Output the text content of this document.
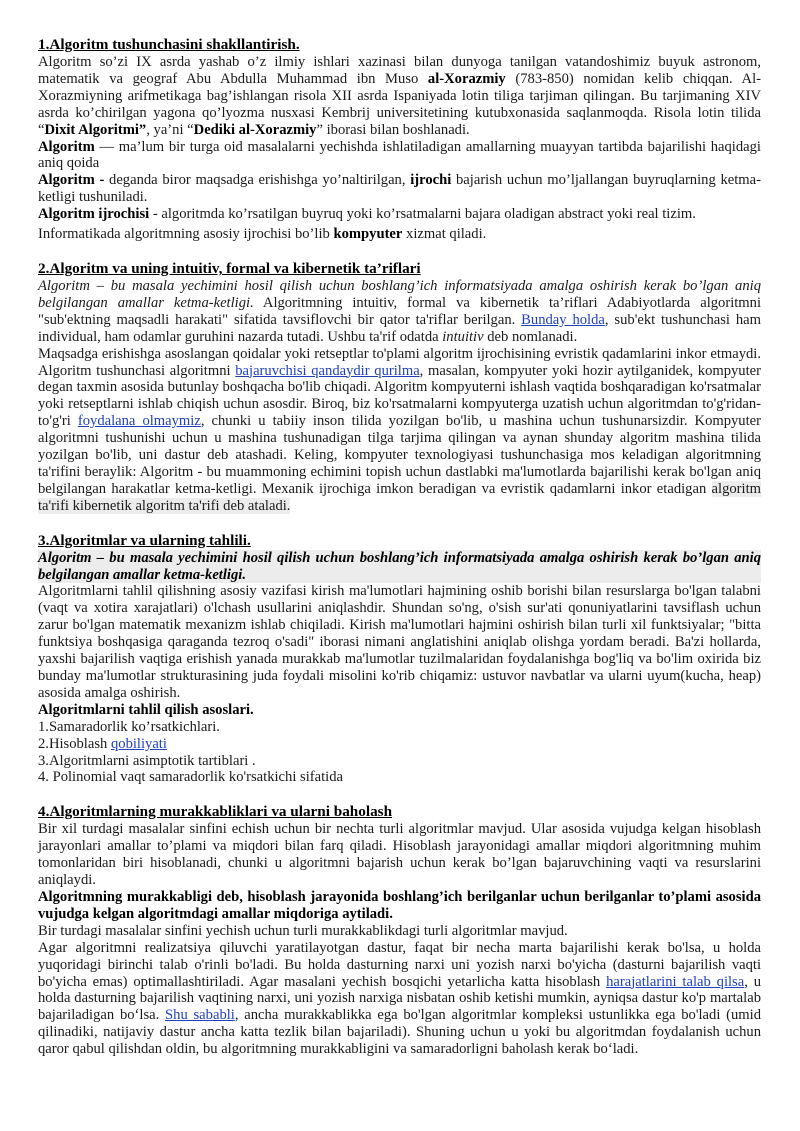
1.Algoritm tushunchasini shakllantirish.

Algoritm so’zi IX asrda yashab o’z ilmiy ishlari xazinasi bilan dunyoga tanilgan vatandoshimiz buyuk astronom, matematik va geograf Abu Abdulla Muhammad ibn Muso al-Xorazmiy (783-850) nomidan kelib chiqqan. Al-Xorazmiyning arifmetikaga bag’ishlangan risola XII asrda Ispaniyada lotin tiliga tarjiman qilingan. Bu tarjimaning XIV asrda ko’chirilgan yagona qo’lyozma nusxasi Kembrij universitetining kutubxonasida saqlanmoqda. Risola lotin tilida “Dixit Algoritmi”, ya’ni “Dediki al-Xorazmiy” iborasi bilan boshlanadi.

Algoritm — ma’lum bir turga oid masalalarni yechishda ishlatiladigan amallarning muayyan tartibda bajarilishi haqidagi aniq qoida

Algoritm - deganda biror maqsadga erishishga yo’naltirilgan, ijrochi bajarish uchun mo’ljallangan buyruqlarning ketma-ketligi tushuniladi.

Algoritm ijrochisi - algoritmda ko’rsatilgan buyruq yoki ko’rsatmalarni bajara oladigan abstract yoki real tizim.

Informatikada algoritmning asosiy ijrochisi bo’lib kompyuter xizmat qiladi.

2.Algoritm va uning intuitiv, formal va kibernetik ta’riflari

Algoritm – bu masala yechimini hosil qilish uchun boshlang’ich informatsiyada amalga oshirish kerak bo’lgan aniq belgilangan amallar ketma-ketligi. Algoritmning intuitiv, formal va kibernetik ta’riflari Adabiyotlarda algoritmni "sub'ektning maqsadli harakati" sifatida tavsiflovchi bir qator ta'riflar berilgan. Bunday holda, sub'ekt tushunchasi ham individual, ham odamlar guruhini nazarda tutadi. Ushbu ta'rif odatda intuitiv deb nomlanadi.

Maqsadga erishishga asoslangan qoidalar yoki retseptlar to'plami algoritm ijrochisining evristik qadamlarini inkor etmaydi. Algoritm tushunchasi algoritmni bajaruvchisi qandaydir qurilma, masalan, kompyuter yoki hozir aytilganidek, kompyuter degan taxmin asosida butunlay boshqacha bo'lib chiqadi. Algoritm kompyuterni ishlash vaqtida boshqaradigan ko'rsatmalar yoki retseptlarni ishlab chiqish uchun asosdir. Biroq, biz ko'rsatmalarni kompyuterga uzatish uchun algoritmdan to'g'ridan-to'g'ri foydalana olmaymiz, chunki u tabiiy inson tilida yozilgan bo'lib, u mashina uchun tushunarsizdir. Kompyuter algoritmni tushunishi uchun u mashina tushunadigan tilga tarjima qilingan va aynan shunday algoritm mashina tilida yozilgan bo'lib, uni dastur deb atashadi. Keling, kompyuter texnologiyasi tushunchasiga mos keladigan algoritmning ta'rifini beraylik: Algoritm - bu muammoning echimini topish uchun dastlabki ma'lumotlarda bajarilishi kerak bo'lgan aniq belgilangan harakatlar ketma-ketligi. Mexanik ijrochiga imkon beradigan va evristik qadamlarni inkor etadigan algoritm ta'rifi kibernetik algoritm ta'rifi deb ataladi.

3.Algoritmlar va ularning tahlili.

Algoritm – bu masala yechimini hosil qilish uchun boshlang’ich informatsiyada amalga oshirish kerak bo’lgan aniq belgilangan amallar ketma-ketligi.

Algoritmlarni tahlil qilishning asosiy vazifasi kirish ma'lumotlari hajmining oshib borishi bilan resurslarga bo'lgan talabni (vaqt va xotira xarajatlari) o'lchash usullarini aniqlashdir. Shundan so'ng, o'sish sur'ati qonuniyatlarini tavsiflash uchun zarur bo'lgan matematik mexanizm ishlab chiqiladi. Kirish ma'lumotlari hajmini oshirish bilan turli xil funktsiyalar; "bitta funktsiya boshqasiga qaraganda tezroq o'sadi" iborasi nimani anglatishini aniqlab olishga yordam beradi. Ba'zi hollarda, yaxshi bajarilish vaqtiga erishish yanada murakkab ma'lumotlar tuzilmalaridan foydalanishga bog'liq va bo'lim oxirida biz bunday ma'lumotlar strukturasining juda foydali misolini ko'rib chiqamiz: ustuvor navbatlar va ularni uyum(kucha, heap) asosida amalga oshirish.

Algoritmlarni tahlil qilish asoslari.

1.Samaradorlik ko’rsatkichlari.

2.Hisoblash qobiliyati

3.Algoritmlarni asimptotik tartiblari .

4. Polinomial vaqt samaradorlik ko'rsatkichi sifatida

4.Algoritmlarning murakkabliklari va ularni baholash

Bir xil turdagi masalalar sinfini echish uchun bir nechta turli algoritmlar mavjud. Ular asosida vujudga kelgan hisoblash jarayonlari amallar to’plami va miqdori bilan farq qiladi. Hisoblash jarayonidagi amallar miqdori algoritmning muhim tomonlaridan biri hisoblanadi, chunki u algoritmni bajarish uchun kerak bo’lgan bajaruvchining vaqti va resurslarini aniqlaydi.

Algoritmning murakkabligi deb, hisoblash jarayonida boshlang’ich berilganlar uchun berilganlar to’plami asosida vujudga kelgan algoritmdagi amallar miqdoriga aytiladi.

Bir turdagi masalalar sinfini yechish uchun turli murakkablikdagi turli algoritmlar mavjud.

Agar algoritmni realizatsiya qiluvchi yaratilayotgan dastur, faqat bir necha marta bajarilishi kerak bo'lsa, u holda yuqoridagi birinchi talab o'rinli bo'ladi. Bu holda dasturning narxi uni yozish narxi bo'yicha (dasturni bajarilish vaqti bo'yicha emas) optimallashtiriladi. Agar masalani yechish bosqichi yetarlicha katta hisoblash harajatlarini talab qilsa, u holda dasturning bajarilish vaqtining narxi, uni yozish narxiga nisbatan oshib ketishi mumkin, ayniqsa dastur ko'p martalab bajariladigan bo‘lsa. Shu sababli, ancha murakkablikka ega bo'lgan algoritmlar kompleksi ustunlikka ega bo'ladi (umid qilinadiki, natijaviy dastur ancha katta tezlik bilan bajariladi). Shuning uchun u yoki bu algoritmdan foydalanish uchun qaror qabul qilishdan oldin, bu algoritmning murakkabligini va samaradorligni baholash kerak bo‘ladi.
